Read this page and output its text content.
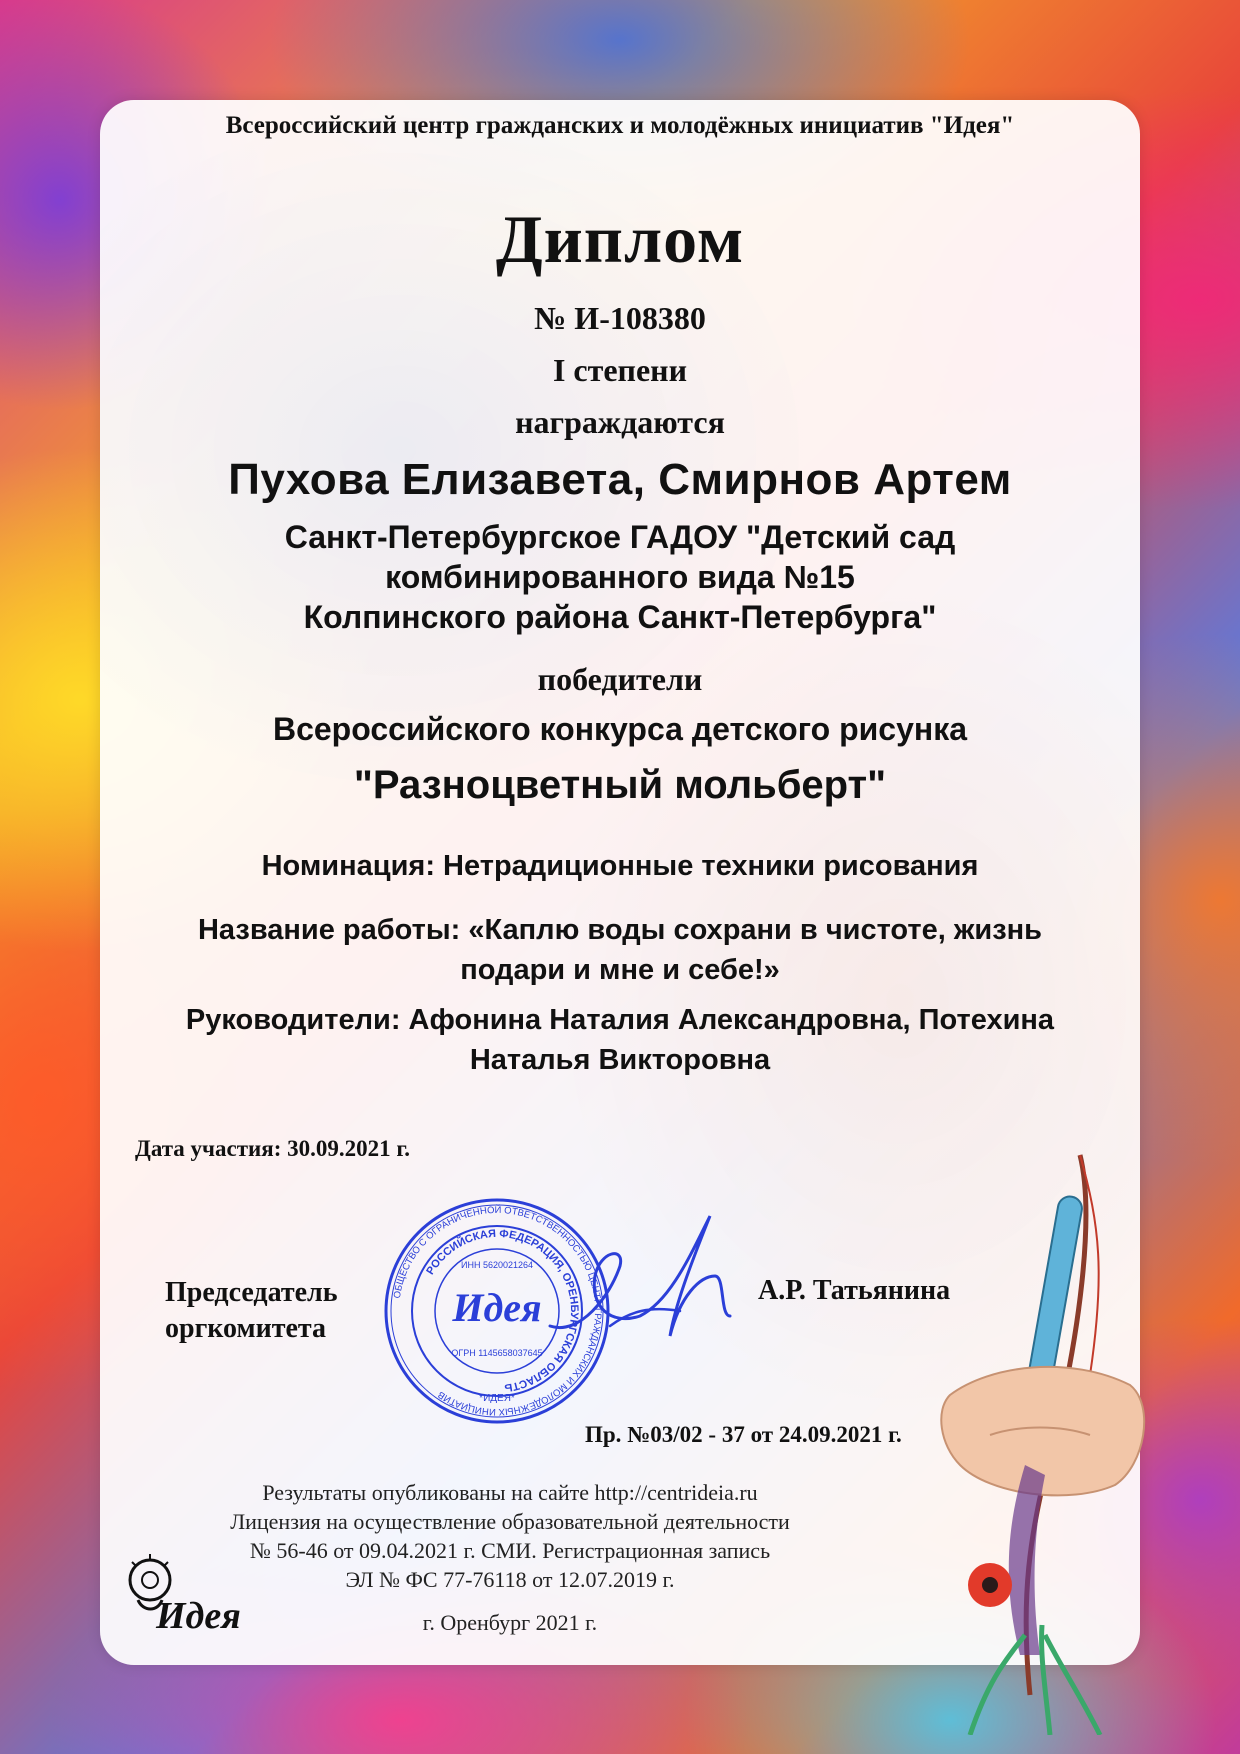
Всероссийский центр гражданских и молодёжных инициатив "Идея"
Диплом
№ И-108380
I степени
награждаются
Пухова Елизавета, Смирнов Артем
Санкт-Петербургское ГАДОУ "Детский сад
комбинированного вида №15
Колпинского района Санкт-Петербурга"
победители
Всероссийского конкурса детского рисунка
"Разноцветный мольберт"
Номинация: Нетрадиционные техники рисования
Название работы: «Каплю воды сохрани в чистоте, жизнь
подари и мне и себе!»
Руководители: Афонина Наталия Александровна, Потехина
Наталья Викторовна
Дата участия: 30.09.2021 г.
Председатель
оргкомитета
ОБЩЕСТВО С ОГРАНИЧЕННОЙ ОТВЕТСТВЕННОСТЬЮ ЦЕНТР ГРАЖДАНСКИХ И МОЛОДЕЖНЫХ ИНИЦИАТИВ
РОССИЙСКАЯ ФЕДЕРАЦИЯ, ОРЕНБУРГСКАЯ ОБЛАСТЬ
ИНН 5620021264
Идея
ОГРН 1145658037645
*ИДЕЯ*
А.Р. Татьянина
Пр. №03/02 - 37 от 24.09.2021 г.
Результаты опубликованы на сайте http://centrideia.ru
Лицензия на осуществление образовательной деятельности
№ 56-46 от 09.04.2021 г. СМИ. Регистрационная запись
ЭЛ № ФС 77-76118 от 12.07.2019 г.
г. Оренбург 2021 г.
Идея
